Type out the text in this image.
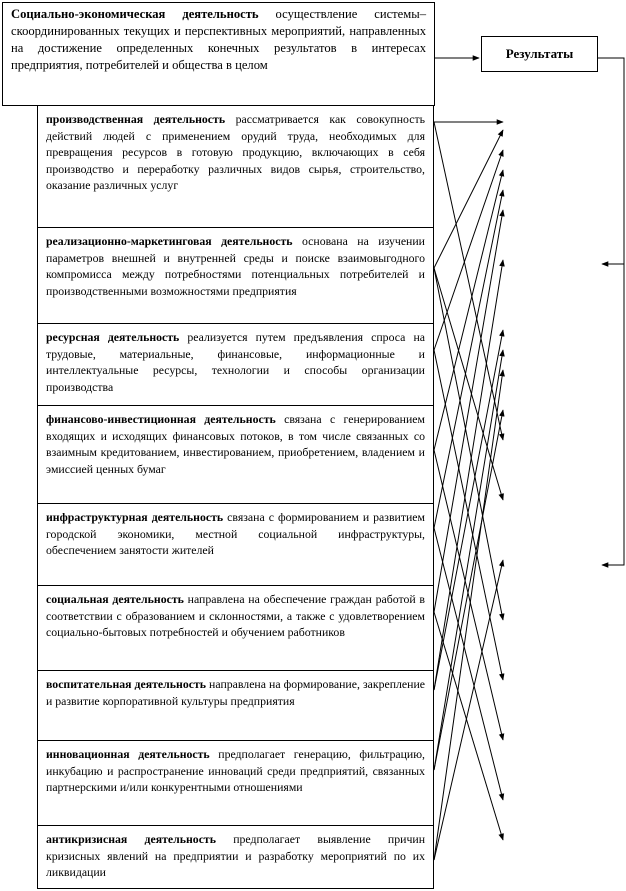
Социально-экономическая деятельность	–
осуществление системы скоординированных текущих и перспективных мероприятий, направленных на достижение определенных конечных результатов в интересах предприятия, потребителей и общества в целом
Результаты
производственная деятельность рассматривается как совокупность действий людей с применением орудий труда, необходимых для превращения ресурсов в готовую продукцию, включающих в себя производство и переработку различных видов сырья, строительство, оказание различных услуг
реализационно-маркетинговая деятельность основана на изучении параметров внешней и внутренней среды и поиске взаимовыгодного компромисса между потребностями потенциальных потребителей и производственными возможностями предприятия
ресурсная деятельность реализуется путем предъявления спроса на трудовые, материальные, финансовые, информационные и интеллектуальные ресурсы, технологии и способы организации производства
финансово-инвестиционная деятельность связана с генерированием входящих и исходящих финансовых потоков, в том числе связанных со взаимным кредитованием, инвестированием, приобретением, владением и эмиссией ценных бумаг
инфраструктурная деятельность связана с формированием и развитием городской экономики, местной социальной инфраструктуры, обеспечением занятости жителей
социальная деятельность направлена на обеспечение граждан работой в соответствии с образованием и склонностями, а также с удовлетворением социально-бытовых потребностей и обучением работников
воспитательная деятельность направлена на формирование, закрепление и развитие корпоративной культуры предприятия
инновационная деятельность предполагает генерацию, фильтрацию, инкубацию и распространение инноваций среди предприятий, связанных партнерскими и/или конкурентными отношениями
антикризисная деятельность предполагает выявление причин кризисных явлений на предприятии и разработку мероприятий по их ликвидации
